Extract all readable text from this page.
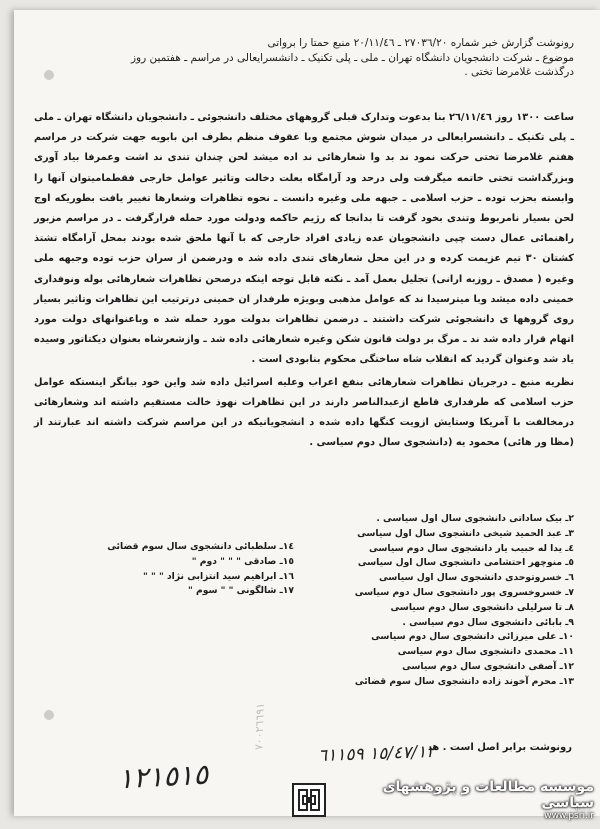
رونوشت گزارش خبر شماره ٢٧٠٣٦/٢٠ ـ ٢٠/١١/٤٦ منبع حمتا را برواتی
موضوع ـ شرکت دانشجویان دانشگاه تهران ـ ملی ـ پلی تکنیک ـ دانشسرایعالی در مراسم ـ هفتمین روز
درگذشت غلامرضا تختی .

ساعت ١٣٠٠ روز ٢٦/١١/٤٦ بنا بدعوت وتدارک قبلی گروههای مختلف دانشجوئی ـ دانشجویان دانشگاه تهران ـ ملی ـ پلی تکنیک ـ دانشسرایعالی در میدان شوش مجتمع وبا عقوف منظم بطرف ابن بابویه جهت شرکت در مراسم هفتم غلامرضا تختی حرکت نمود ند بد وا شعارهائی ند اده میشد لحن چندان تندی ند اشت وعمرفا بیاد آوری وبزرگداشت تختی خاتمه میگرفت ولی درحد ود آرامگاه بعلت دخالت وتاثیر عوامل خارجی فقطمامیتوان آنها را وابسته بحزب توده ـ حزب اسلامی ـ جبهه ملی وغیره دانست ـ نحوه تظاهرات وشعارها تغییر یافت بطوریکه اوج لحن بسیار نامربوط وتندی بخود گرفت تا بدانجا که رژیم حاکمه ودولت مورد حمله قرارگرفت ـ در مراسم مزبور راهنمائی عمال دست چپی دانشجویان عده زیادی افراد خارجی که با آنها ملحق شده بودند بمحل آرامگاه تشتذ کشتان ٣٠ تیم عزیمت کرده و در این محل شعارهای تندی داده شد ه ودرضمن از سران حزب توده وجبهه ملی وغیره ( مصدق ـ روزبه ارانی) تجلیل بعمل آمد ـ نکته قابل توجه اینکه درصحن تظاهرات شعارهائی بوله ونوفداری خمینی داده میشد وبا میترسیدا ند که عوامل مذهبی وبویژه طرفدار ان خمینی درترتیب این تظاهرات وتاثیر بسیار روی گروهها ی دانشجوئی شرکت داشتند ـ درضمن تظاهرات بدولت مورد حمله شد ه وباعنوانهای دولت مورد اتهام قرار داده شد ند ـ مرگ بر دولت قانون شکن وغیره شعارهائی داده شد ـ وازشعرشاه بعنوان دیکتاتور وسیده یاد شد وعنوان گردید که انقلاب شاه ساختگی محکوم بنابودی است .

نظریه منبع ـ درجریان تظاهرات شعارهائی بنفع اعراب وعلیه اسرائیل داده شد واین خود بیانگر اینستکه عوامل حزب اسلامی که طرفداری قاطع ازعبدالناصر دارند در این تظاهرات نهوذ خالت مستقیم داشته اند وشعارهائی درمخالفت با آمریکا وستایش ازویت کنگها داده شده د انشجویانیکه در این مراسم شرکت داشته اند عبارتند از (مظا ور هائی) محمود یه (دانشجوی سال دوم سیاسی .

٢ـ بیک ساداتی دانشجوی سال اول سیاسی .
٣ـ عبد الحمید شیخی دانشجوی سال اول سیاسی
٤ـ یدا له حبیب یار دانشجوی سال دوم سیاسی
٥ـ منوچهر احتشامی دانشجوی سال اول سیاسی
٦ـ خسروتوحدی دانشجوی سال اول سیاسی
٧ـ خسروخسروی پور دانشجوی سال دوم سیاسی
٨ـ تا سرلیلی دانشجوی سال دوم سیاسی
٩ـ بابائی دانشجوی سال دوم سیاسی .
١٠ـ علی میرزائی دانشجوی سال دوم سیاسی
١١ـ محمدی دانشجوی سال دوم سیاسی
١٢ـ آصفی دانشجوی سال دوم سیاسی
١٣ـ محرم آخوند زاده دانشجوی سال سوم قضائی
١٤ـ سلطبائی دانشجوی سال سوم قضائی
١٥ـ صادقی " " " دوم "
١٦ـ ابراهیم سید انتزابی نژاد " " "
١٧ـ شالگونی " " سوم "
٧٠٠٢٦٦٩١	رونوشت برابر اصل است . هـ
١٥/٤٧/١٢ ٦١١٥٩
١٢١٥١٥	موسسه مطالعات و پژوهشهای سیاسی
www.psri.ir
